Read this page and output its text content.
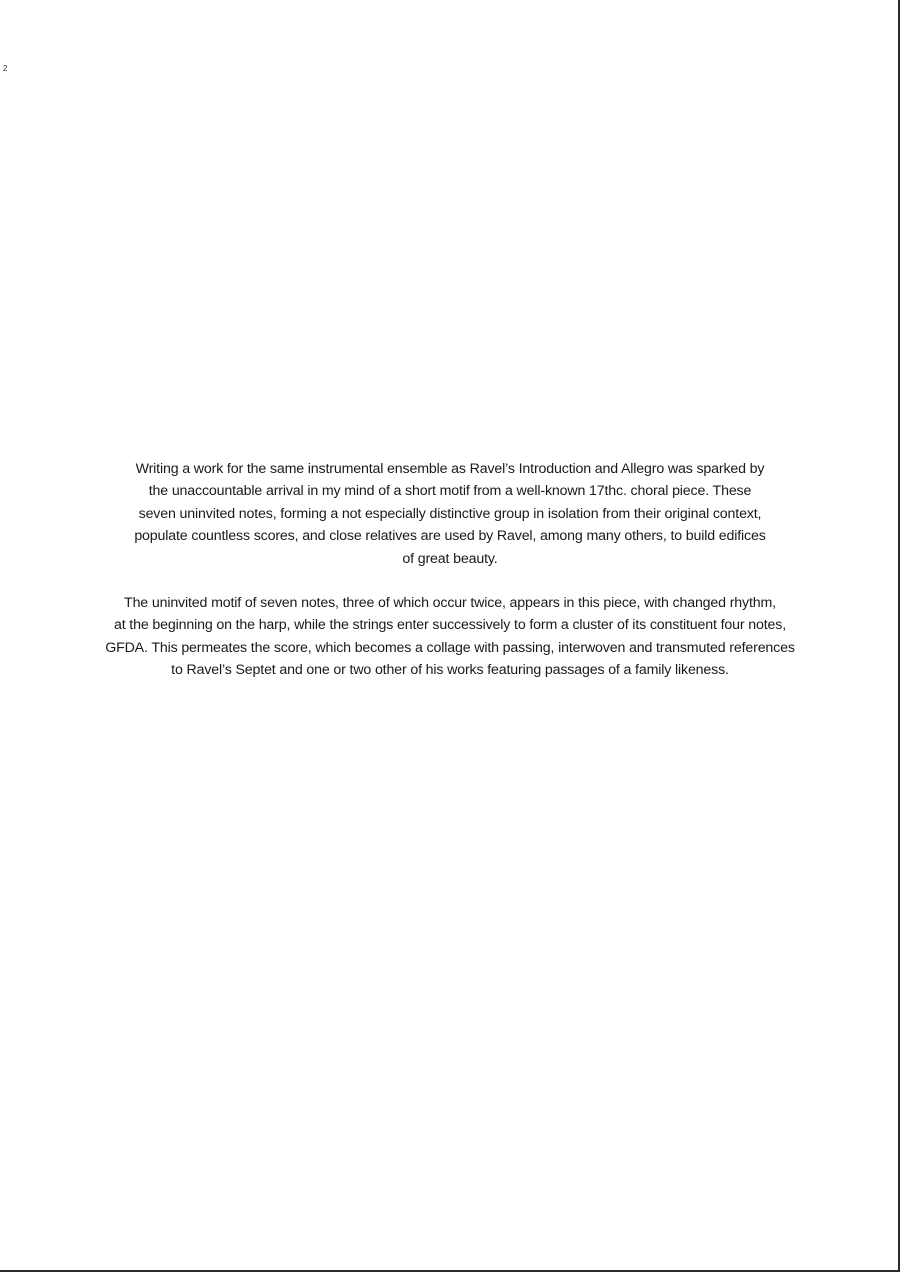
2

Writing a work for the same instrumental ensemble as Ravel’s Introduction and Allegro was sparked by
the unaccountable arrival in my mind of a short motif from a well-known 17thc. choral piece. These
seven uninvited notes, forming a not especially distinctive group in isolation from their original context,
populate countless scores, and close relatives are used by Ravel, among many others, to build edifices
of great beauty.

The uninvited motif of seven notes, three of which occur twice, appears in this piece, with changed rhythm,
at the beginning on the harp, while the strings enter successively to form a cluster of its constituent four notes,
GFDA. This permeates the score, which becomes a collage with passing, interwoven and transmuted references
to Ravel’s Septet and one or two other of his works featuring passages of a family likeness.
